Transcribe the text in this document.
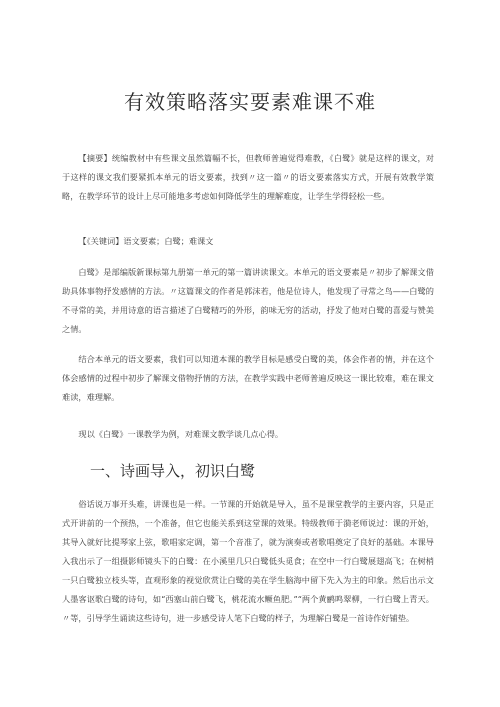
有效策略落实要素难课不难

【摘要】统编教材中有些课文虽然篇幅不长，但教师普遍觉得难教，《白鹭》就是这样的课文，对于这样的课文我们要紧抓本单元的语文要素，找到〃这一篇〃的语文要素落实方式，开展有效教学策略，在教学环节的设计上尽可能地多考虑如何降低学生的理解难度，让学生学得轻松一些。

【《关键词】语文要素；白鹭；难课文

白鹭》是部编版新课标第九册第一单元的第一篇讲读课文。本单元的语文要素是〃初步了解课文借助具体事物抒发感情的方法。〃这篇课文的作者是郭沫若，他是位诗人，他发现了寻常之鸟——白鹭的不寻常的美，并用诗意的语言描述了白鹭精巧的外形，韵味无穷的活动，抒发了他对白鹭的喜爱与赞美之情。

结合本单元的语文要素，我们可以知道本课的教学目标是感受白鹭的美，体会作者的情，并在这个体会感情的过程中初步了解课文借物抒情的方法，在教学实践中老师普遍反映这一课比较难，难在课文难读，难理解。

一、诗画导入，初识白鹭

俗话说万事开头难，讲课也是一样。一节课的开始就是导入，虽不是课堂教学的主要内容，只是正式开讲前的一个预热，一个准备，但它也能关系到这堂课的效果。特级教师于漪老师说过：课的开始，其导入就好比提琴家上弦，歌唱家定调，第一个音准了，就为演奏或者歌唱奠定了良好的基础。本课导入我出示了一组摄影师镜头下的白鹭：在小溪里几只白鹭低头觅食；在空中一行白鹭展翅高飞；在树梢一只白鹭独立枝头等，直观形象的视觉欣赏让白鹭的美在学生脑海中留下先入为主的印象。然后出示文人墨客讴歌白鹭的诗句，如“西塞山前白鹭飞，桃花流水鳜鱼肥。”“两个黄鹂鸣翠柳，一行白鹭上青天。〃等，引导学生诵读这些诗句，进一步感受诗人笔下白鹭的样子，为理解白鹭是一首诗作好铺垫。

现以《白鹭》一课教学为例，对难课文教学谈几点心得。
